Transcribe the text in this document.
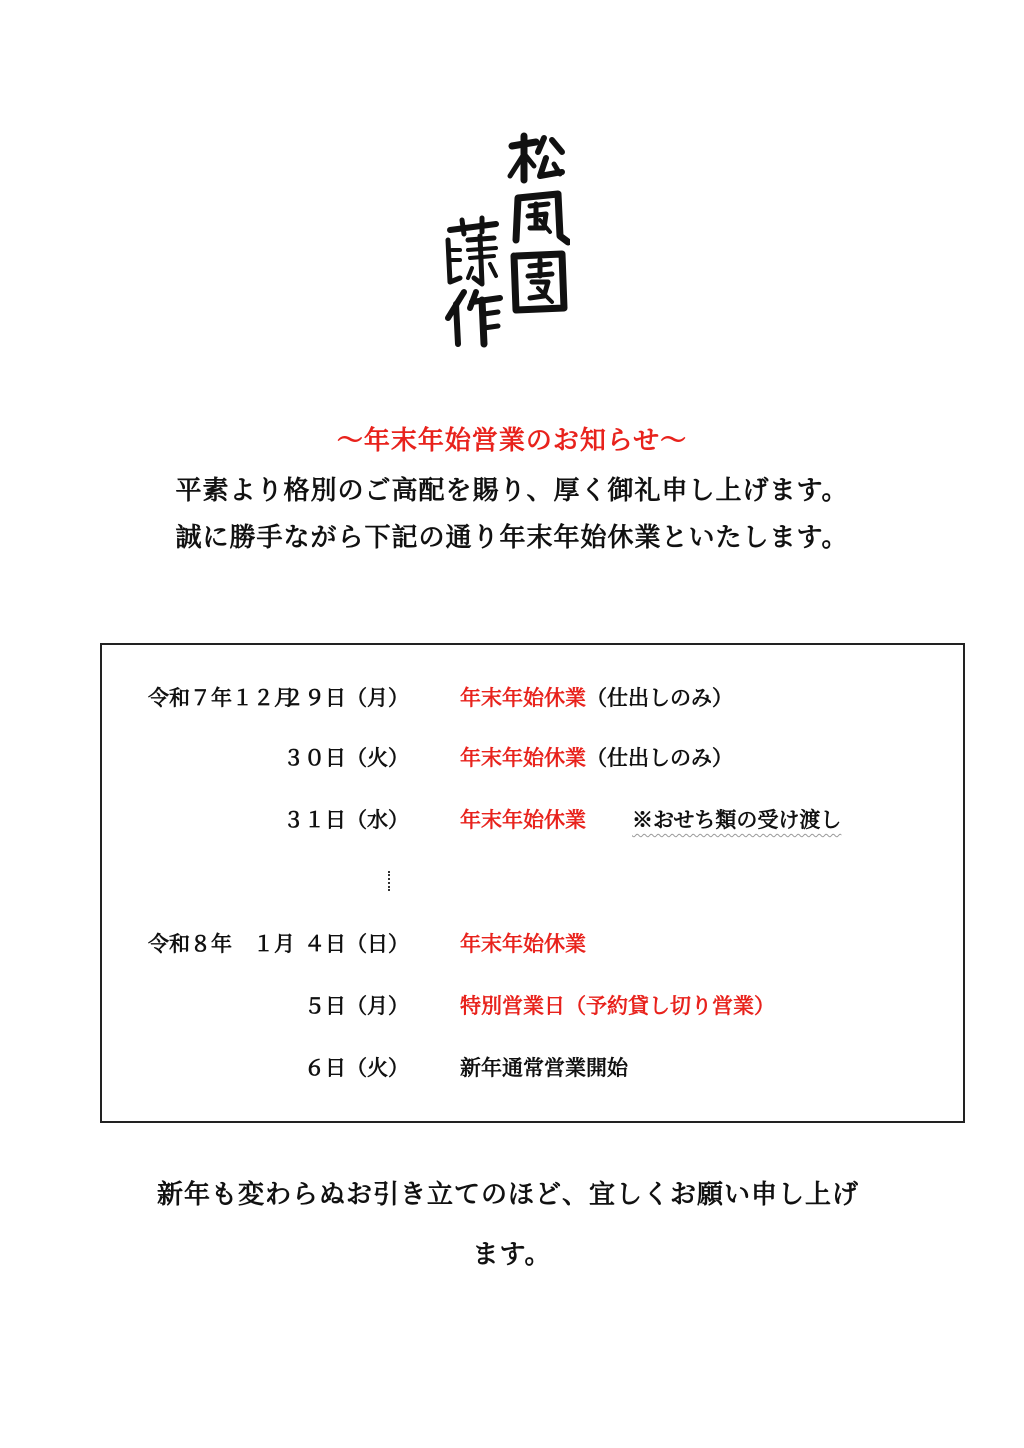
〜年末年始営業のお知らせ〜
平素より格別のご高配を賜り、厚く御礼申し上げます。
誠に勝手ながら下記の通り年末年始休業といたします。
令和７年１２月
２９日（月） 年末年始休業（仕出しのみ）
３０日（火） 年末年始休業（仕出しのみ）
３１日（水） 年末年始休業 ※おせち類の受け渡し
令和８年　１月 ４日（日） 年末年始休業
５日（月） 特別営業日（予約貸し切り営業）
６日（火） 新年通常営業開始
新年も変わらぬお引き立てのほど、宜しくお願い申し上げ
ます。
